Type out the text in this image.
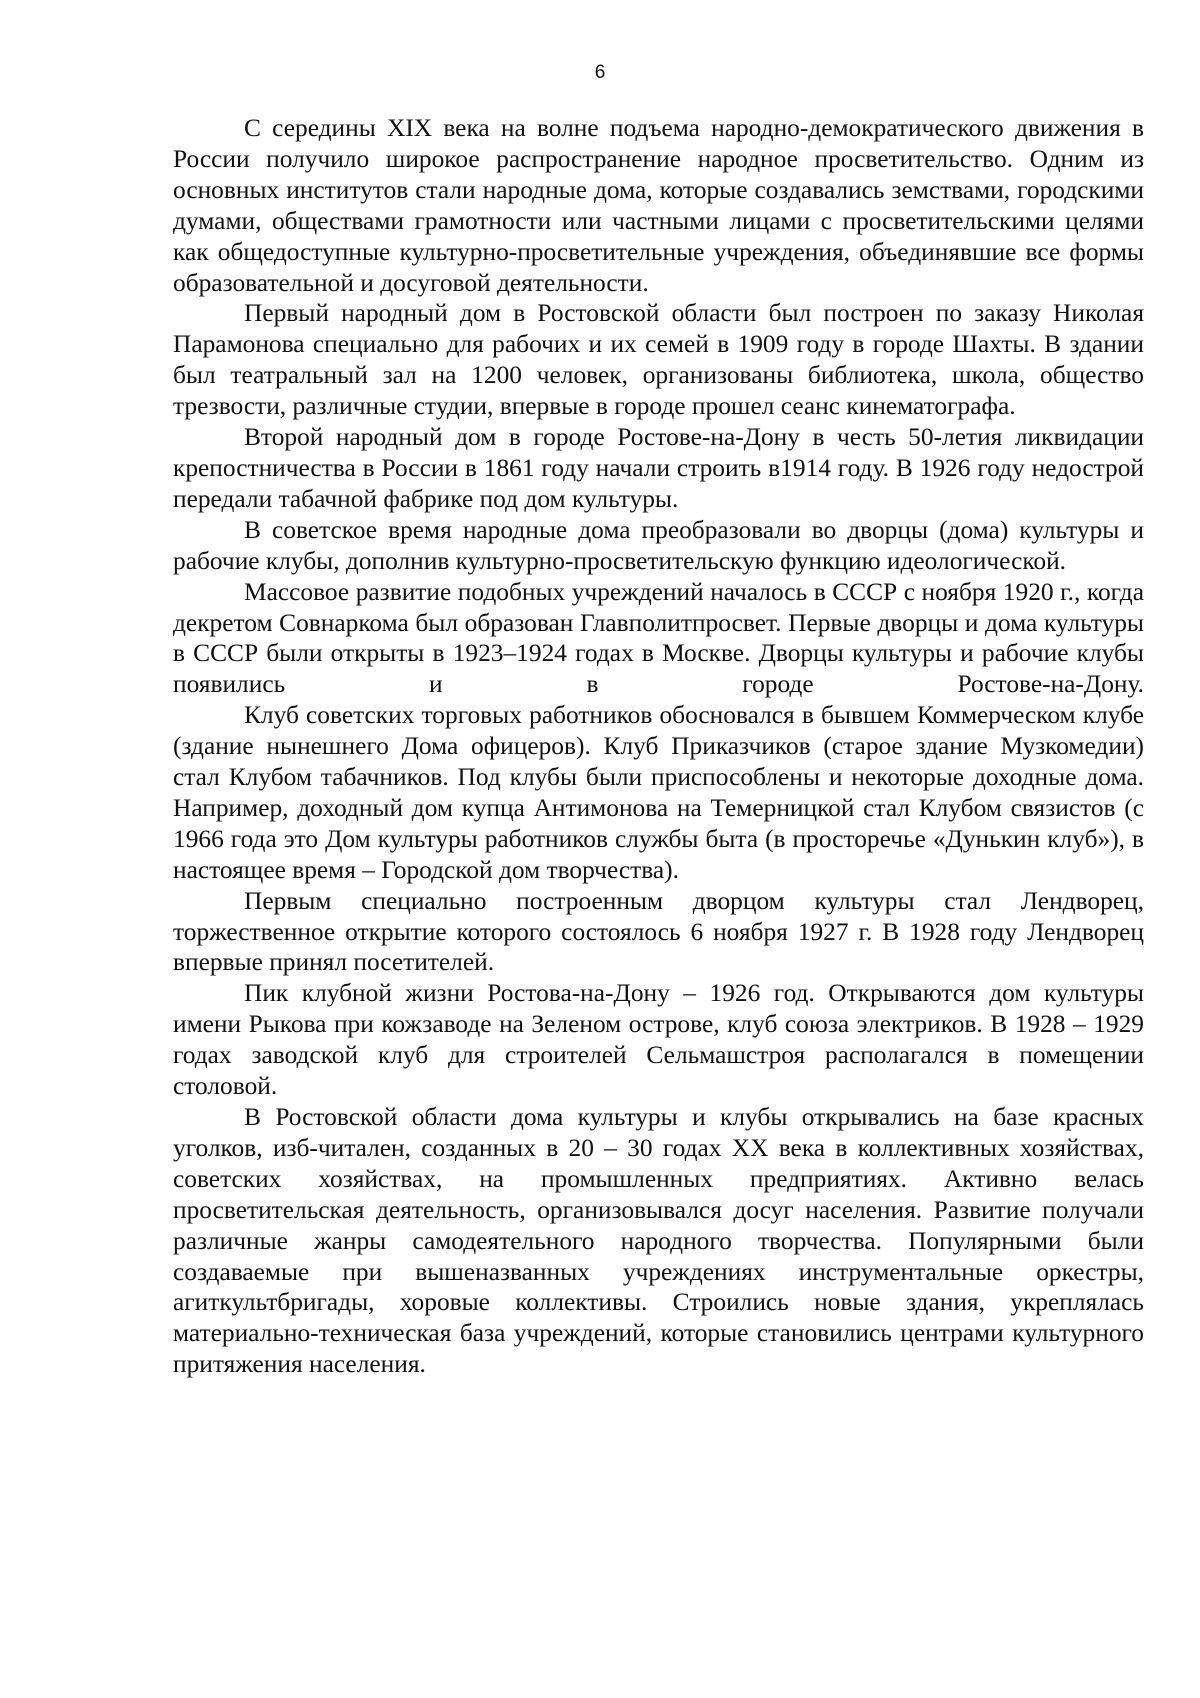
6

С середины XIX века на волне подъема народно-демократического движения в России получило широкое распространение народное просветительство. Одним из основных институтов стали народные дома, которые создавались земствами, городскими думами, обществами грамотности или частными лицами с просветительскими целями как общедоступные культурно-просветительные учреждения, объединявшие все формы образовательной и досуговой деятельности.

Первый народный дом в Ростовской области был построен по заказу Николая Парамонова специально для рабочих и их семей в 1909 году в городе Шахты. В здании был театральный зал на 1200 человек, организованы библиотека, школа, общество трезвости, различные студии, впервые в городе прошел сеанс кинематографа.

Второй народный дом в городе Ростове-на-Дону в честь 50-летия ликвидации крепостничества в России в 1861 году начали строить в1914 году. В 1926 году недострой передали табачной фабрике под дом культуры.

В советское время народные дома преобразовали во дворцы (дома) культуры и рабочие клубы, дополнив культурно-просветительскую функцию идеологической.

Массовое развитие подобных учреждений началось в СССР с ноября 1920 г., когда декретом Совнаркома был образован Главполитпросвет. Первые дворцы и дома культуры в СССР были открыты в 1923–1924 годах в Москве. Дворцы культуры и рабочие клубы появились и в городе Ростове-на-Дону.

Клуб советских торговых работников обосновался в бывшем Коммерческом клубе (здание нынешнего Дома офицеров). Клуб Приказчиков (старое здание Музкомедии) стал Клубом табачников. Под клубы были приспособлены и некоторые доходные дома. Например, доходный дом купца Антимонова на Темерницкой стал Клубом связистов (с 1966 года это Дом культуры работников службы быта (в просторечье «Дунькин клуб»), в настоящее время – Городской дом творчества).

Первым специально построенным дворцом культуры стал Лендворец, торжественное открытие которого состоялось 6 ноября 1927 г. В 1928 году Лендворец впервые принял посетителей.

Пик клубной жизни Ростова-на-Дону – 1926 год. Открываются дом культуры имени Рыкова при кожзаводе на Зеленом острове, клуб союза электриков. В 1928 – 1929 годах заводской клуб для строителей Сельмашстроя располагался в помещении столовой.

В Ростовской области дома культуры и клубы открывались на базе красных уголков, изб-читален, созданных в 20 – 30 годах XX века в коллективных хозяйствах, советских хозяйствах, на промышленных предприятиях. Активно велась просветительская деятельность, организовывался досуг населения. Развитие получали различные жанры самодеятельного народного творчества. Популярными были создаваемые при вышеназванных учреждениях инструментальные оркестры, агиткультбригады, хоровые коллективы. Строились новые здания, укреплялась материально-техническая база учреждений, которые становились центрами культурного притяжения населения.
